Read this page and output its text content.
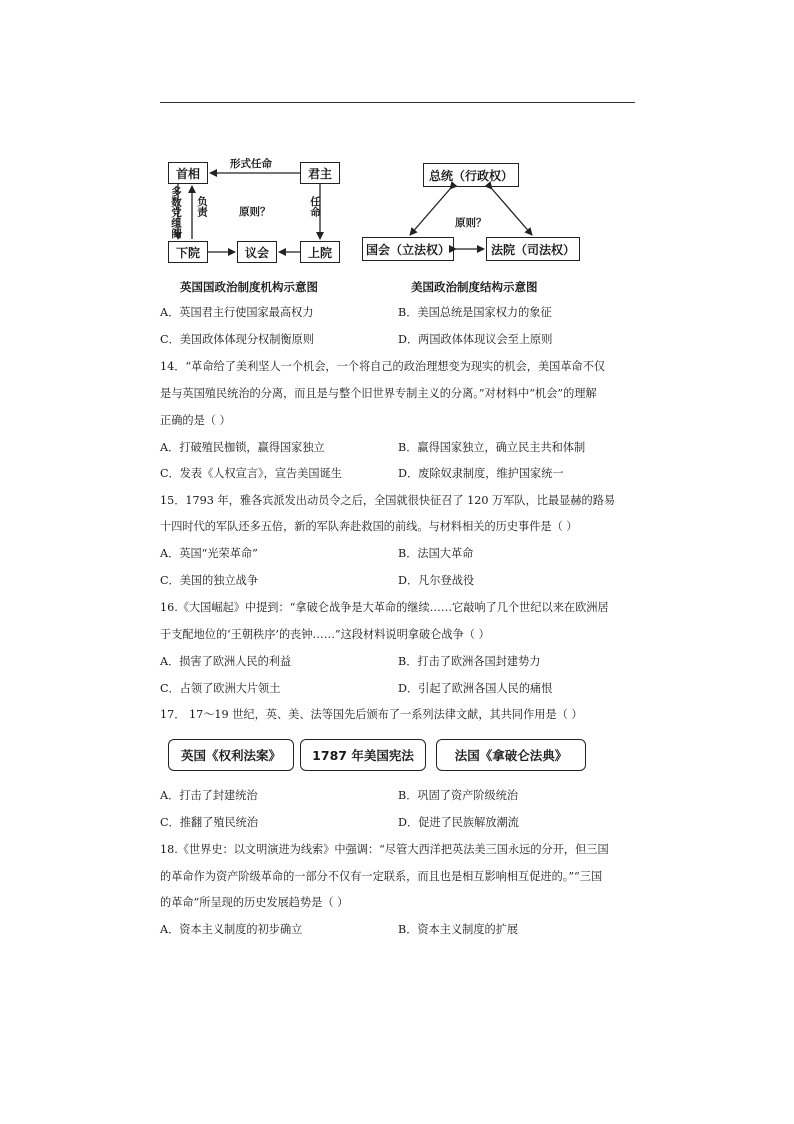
首相	君主
下院	议会	上院
形式任命
多数党组阁 负责	任命
原则？
英国国政治制度机构示意图
总统（行政权）
国会（立法权）	法院（司法权）
原则？
美国政治制度结构示意图
A．英国君主行使国家最高权力	B．美国总统是国家权力的象征
C．美国政体体现分权制衡原则	D．两国政体体现议会至上原则
14．“革命给了美利坚人一个机会，一个将自己的政治理想变为现实的机会，美国革命不仅
是与英国殖民统治的分离，而且是与整个旧世界专制主义的分离。”对材料中“机会”的理解
正确的是（ ）
A．打破殖民枷锁，赢得国家独立	B．赢得国家独立，确立民主共和体制
C．发表《人权宣言》，宣告美国诞生	D．废除奴隶制度，维护国家统一
15．1793 年，雅各宾派发出动员令之后，全国就很快征召了 120 万军队，比最显赫的路易
十四时代的军队还多五倍，新的军队奔赴救国的前线。与材料相关的历史事件是（ ）
A．英国“光荣革命”	B．法国大革命
C．美国的独立战争	D．凡尔登战役
16.《大国崛起》中提到：“拿破仑战争是大革命的继续……它敲响了几个世纪以来在欧洲居
于支配地位的‘王朝秩序’的丧钟……”这段材料说明拿破仑战争（ ）
A．损害了欧洲人民的利益	B．打击了欧洲各国封建势力
C．占领了欧洲大片领土	D．引起了欧洲各国人民的痛恨
17． 17～19 世纪，英、美、法等国先后颁布了一系列法律文献，其共同作用是（ ）
英国《权利法案》	1787 年美国宪法	法国《拿破仑法典》
A．打击了封建统治	B．巩固了资产阶级统治
C．推翻了殖民统治	D．促进了民族解放潮流
18.《世界史：以文明演进为线索》中强调：“尽管大西洋把英法美三国永远的分开，但三国
的革命作为资产阶级革命的一部分不仅有一定联系，而且也是相互影响相互促进的。”“三国
的革命”所呈现的历史发展趋势是（ ）
A．资本主义制度的初步确立	B．资本主义制度的扩展
